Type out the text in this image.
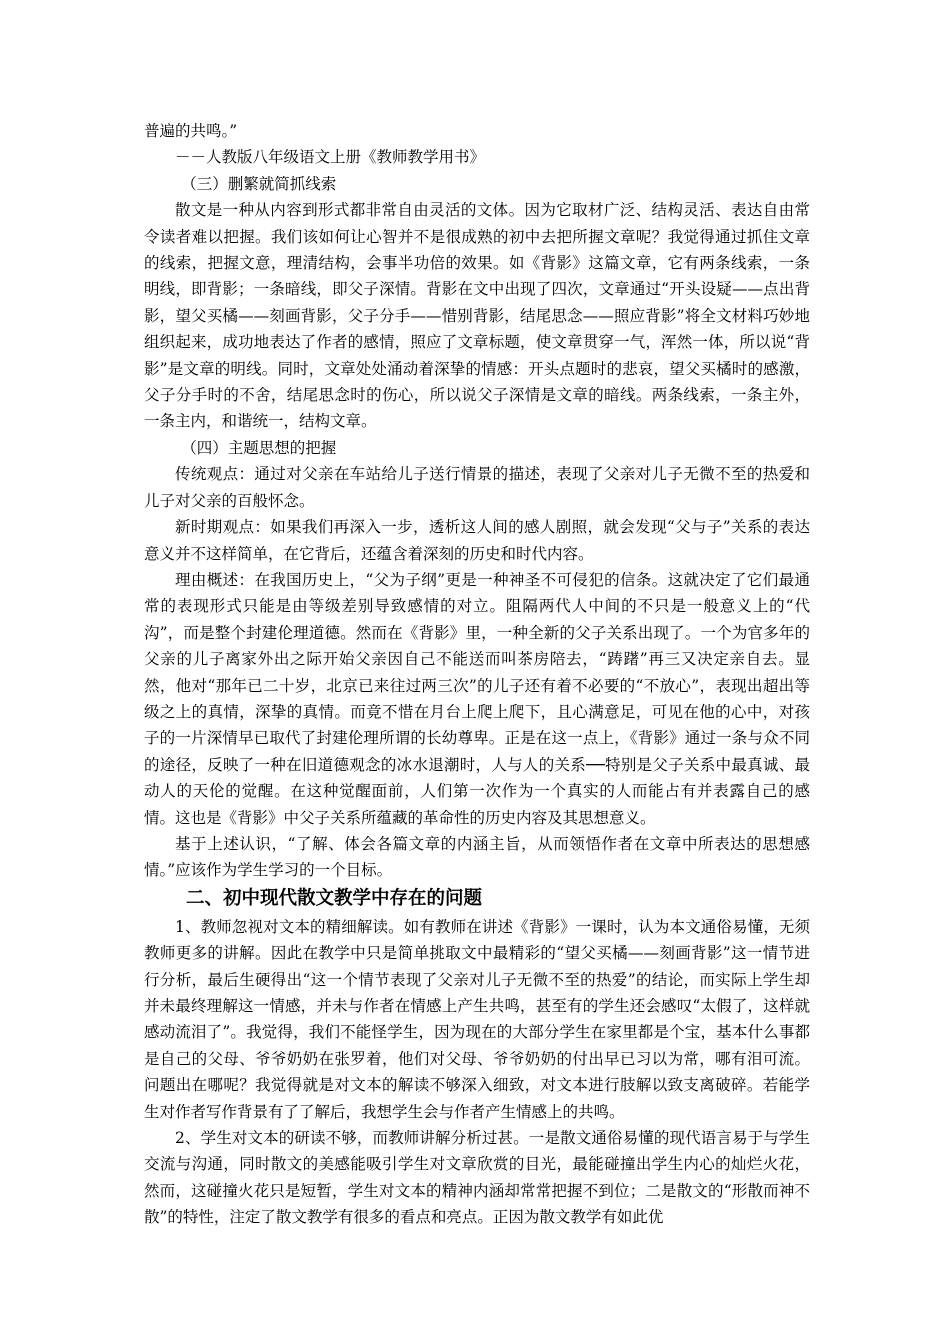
普遍的共鸣。”

－－人教版八年级语文上册《教师教学用书》

（三）删繁就简抓线索

散文是一种从内容到形式都非常自由灵活的文体。因为它取材广泛、结构灵活、表达自由常令读者难以把握。我们该如何让心智并不是很成熟的初中去把所握文章呢？我觉得通过抓住文章的线索，把握文意，理清结构，会事半功倍的效果。如《背影》这篇文章，它有两条线索，一条明线，即背影；一条暗线，即父子深情。背影在文中出现了四次，文章通过“开头设疑——点出背影，望父买橘——刻画背影，父子分手——惜别背影，结尾思念——照应背影”将全文材料巧妙地组织起来，成功地表达了作者的感情，照应了文章标题，使文章贯穿一气，浑然一体，所以说“背影”是文章的明线。同时，文章处处涌动着深挚的情感：开头点题时的悲哀，望父买橘时的感激，父子分手时的不舍，结尾思念时的伤心，所以说父子深情是文章的暗线。两条线索，一条主外，一条主内，和谐统一，结构文章。

（四）主题思想的把握

传统观点：通过对父亲在车站给儿子送行情景的描述，表现了父亲对儿子无微不至的热爱和儿子对父亲的百般怀念。

新时期观点：如果我们再深入一步，透析这人间的感人剧照，就会发现“父与子”关系的表达意义并不这样简单，在它背后，还蕴含着深刻的历史和时代内容。

理由概述：在我国历史上，“父为子纲”更是一种神圣不可侵犯的信条。这就决定了它们最通常的表现形式只能是由等级差别导致感情的对立。阻隔两代人中间的不只是一般意义上的“代沟”，而是整个封建伦理道德。然而在《背影》里，一种全新的父子关系出现了。一个为官多年的父亲的儿子离家外出之际开始父亲因自己不能送而叫茶房陪去，“踌躇”再三又决定亲自去。显然，他对“那年已二十岁，北京已来往过两三次”的儿子还有着不必要的“不放心”，表现出超出等级之上的真情，深挚的真情。而竟不惜在月台上爬上爬下，且心满意足，可见在他的心中，对孩子的一片深情早已取代了封建伦理所谓的长幼尊卑。正是在这一点上，《背影》通过一条与众不同的途径，反映了一种在旧道德观念的冰水退潮时，人与人的关系──特别是父子关系中最真诚、最动人的天伦的觉醒。在这种觉醒面前，人们第一次作为一个真实的人而能占有并表露自己的感情。这也是《背影》中父子关系所蕴藏的革命性的历史内容及其思想意义。

基于上述认识，“了解、体会各篇文章的内涵主旨，从而领悟作者在文章中所表达的思想感情。”应该作为学生学习的一个目标。

二、初中现代散文教学中存在的问题

1、教师忽视对文本的精细解读。如有教师在讲述《背影》一课时，认为本文通俗易懂，无须教师更多的讲解。因此在教学中只是简单挑取文中最精彩的“望父买橘——刻画背影”这一情节进行分析，最后生硬得出“这一个情节表现了父亲对儿子无微不至的热爱”的结论，而实际上学生却并未最终理解这一情感，并未与作者在情感上产生共鸣，甚至有的学生还会感叹“太假了，这样就感动流泪了”。我觉得，我们不能怪学生，因为现在的大部分学生在家里都是个宝，基本什么事都是自己的父母、爷爷奶奶在张罗着，他们对父母、爷爷奶奶的付出早已习以为常，哪有泪可流。问题出在哪呢？我觉得就是对文本的解读不够深入细致，对文本进行肢解以致支离破碎。若能学生对作者写作背景有了了解后，我想学生会与作者产生情感上的共鸣。

2、学生对文本的研读不够，而教师讲解分析过甚。一是散文通俗易懂的现代语言易于与学生交流与沟通，同时散文的美感能吸引学生对文章欣赏的目光，最能碰撞出学生内心的灿烂火花，然而，这碰撞火花只是短暂，学生对文本的精神内涵却常常把握不到位；二是散文的“形散而神不散”的特性，注定了散文教学有很多的看点和亮点。正因为散文教学有如此优
